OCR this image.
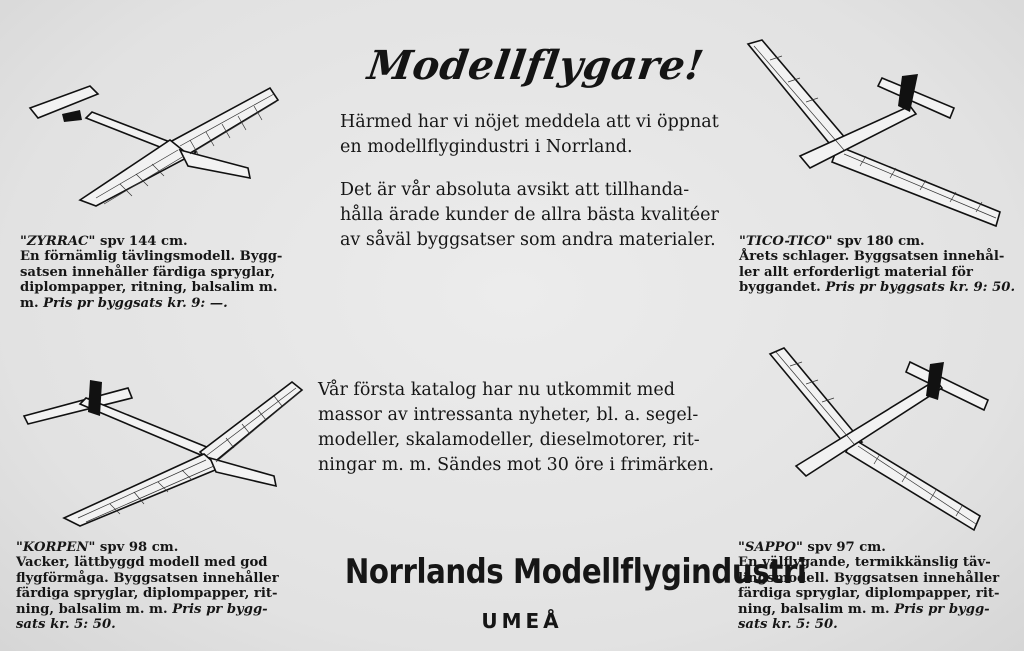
Modellflygare!
Härmed har vi nöjet meddela att vi öppnat
en modellflygindustri i Norrland.
Det är vår absoluta avsikt att tillhanda-
hålla ärade kunder de allra bästa kvalitéer
av såväl byggsatser som andra materialer.
Vår första katalog har nu utkommit med
massor av intressanta nyheter, bl. a. segel-
modeller, skalamodeller, dieselmotorer, rit-
ningar m. m. Sändes mot 30 öre i frimärken.
Norrlands Modellflygindustri
UMEÅ
"ZYRRAC" spv 144 cm.
En förnämlig tävlingsmodell. Bygg-
satsen innehåller färdiga spryglar,
diplompapper, ritning, balsalim m.
m. Pris pr byggsats kr. 9: —.
"TICO-TICO" spv 180 cm.
Årets schlager. Byggsatsen innehål-
ler allt erforderligt material för
byggandet. Pris pr byggsats kr. 9: 50.
"KORPEN" spv 98 cm.
Vacker, lättbyggd modell med god
flygförmåga. Byggsatsen innehåller
färdiga spryglar, diplompapper, rit-
ning, balsalim m. m. Pris pr bygg-
sats kr. 5: 50.
"SAPPO" spv 97 cm.
En välflygande, termikkänslig täv-
lingsmodell. Byggsatsen innehåller
färdiga spryglar, diplompapper, rit-
ning, balsalim m. m. Pris pr bygg-
sats kr. 5: 50.
